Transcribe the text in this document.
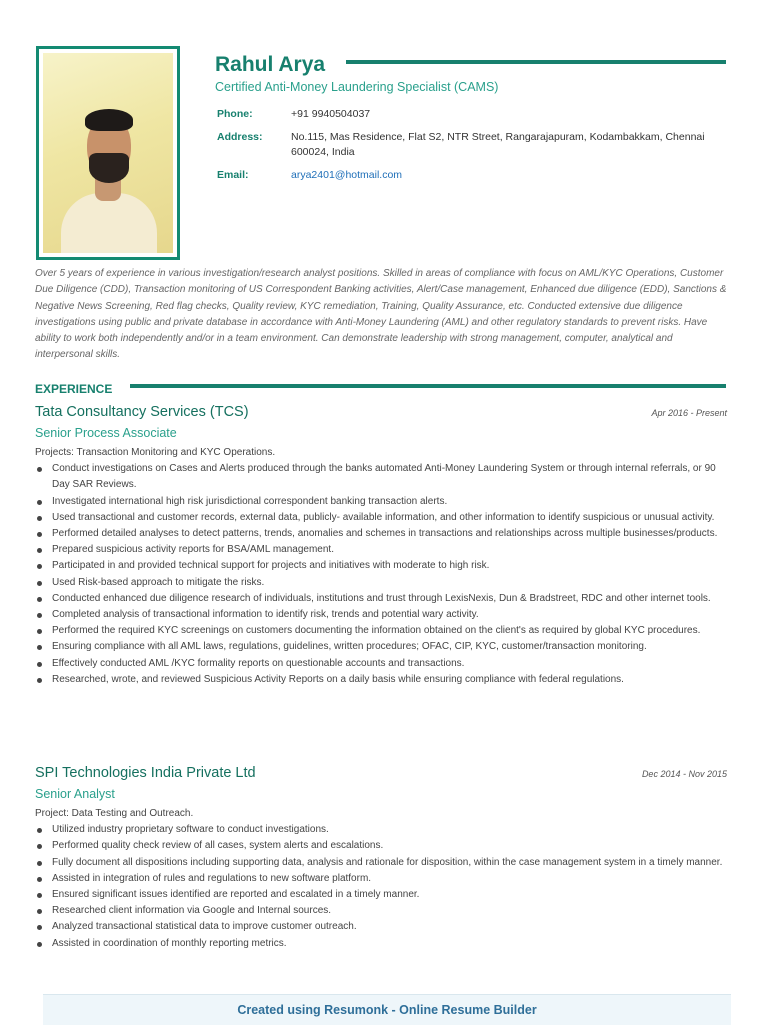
Rahul Arya
Certified Anti-Money Laundering Specialist (CAMS)
Phone:	+91 9940504037
Address:	No.115, Mas Residence, Flat S2, NTR Street, Rangarajapuram, Kodambakkam, Chennai 600024, India
Email:	arya2401@hotmail.com
Over 5 years of experience in various investigation/research analyst positions. Skilled in areas of compliance with focus on AML/KYC Operations, Customer Due Diligence (CDD), Transaction monitoring of US Correspondent Banking activities, Alert/Case management, Enhanced due diligence (EDD), Sanctions & Negative News Screening, Red flag checks, Quality review, KYC remediation, Training, Quality Assurance, etc. Conducted extensive due diligence investigations using public and private database in accordance with Anti-Money Laundering (AML) and other regulatory standards to prevent risks. Have ability to work both independently and/or in a team environment. Can demonstrate leadership with strong management, computer, analytical and interpersonal skills.
EXPERIENCE
Tata Consultancy Services (TCS)	Apr 2016 - Present
Senior Process Associate
Projects: Transaction Monitoring and KYC Operations.
Conduct investigations on Cases and Alerts produced through the banks automated Anti-Money Laundering System or through internal referrals, or 90 Day SAR Reviews.
Investigated international high risk jurisdictional correspondent banking transaction alerts.
Used transactional and customer records, external data, publicly- available information, and other information to identify suspicious or unusual activity.
Performed detailed analyses to detect patterns, trends, anomalies and schemes in transactions and relationships across multiple businesses/products.
Prepared suspicious activity reports for BSA/AML management.
Participated in and provided technical support for projects and initiatives with moderate to high risk.
Used Risk-based approach to mitigate the risks.
Conducted enhanced due diligence research of individuals, institutions and trust through LexisNexis, Dun & Bradstreet, RDC and other internet tools.
Completed analysis of transactional information to identify risk, trends and potential wary activity.
Performed the required KYC screenings on customers documenting the information obtained on the client's as required by global KYC procedures.
Ensuring compliance with all AML laws, regulations, guidelines, written procedures; OFAC, CIP, KYC, customer/transaction monitoring.
Effectively conducted AML /KYC formality reports on questionable accounts and transactions.
Researched, wrote, and reviewed Suspicious Activity Reports on a daily basis while ensuring compliance with federal regulations.
SPI Technologies India Private Ltd	Dec 2014 - Nov 2015
Senior Analyst
Project: Data Testing and Outreach.
Utilized industry proprietary software to conduct investigations.
Performed quality check review of all cases, system alerts and escalations.
Fully document all dispositions including supporting data, analysis and rationale for disposition, within the case management system in a timely manner.
Assisted in integration of rules and regulations to new software platform.
Ensured significant issues identified are reported and escalated in a timely manner.
Researched client information via Google and Internal sources.
Analyzed transactional statistical data to improve customer outreach.
Assisted in coordination of monthly reporting metrics.
Created using Resumonk - Online Resume Builder
